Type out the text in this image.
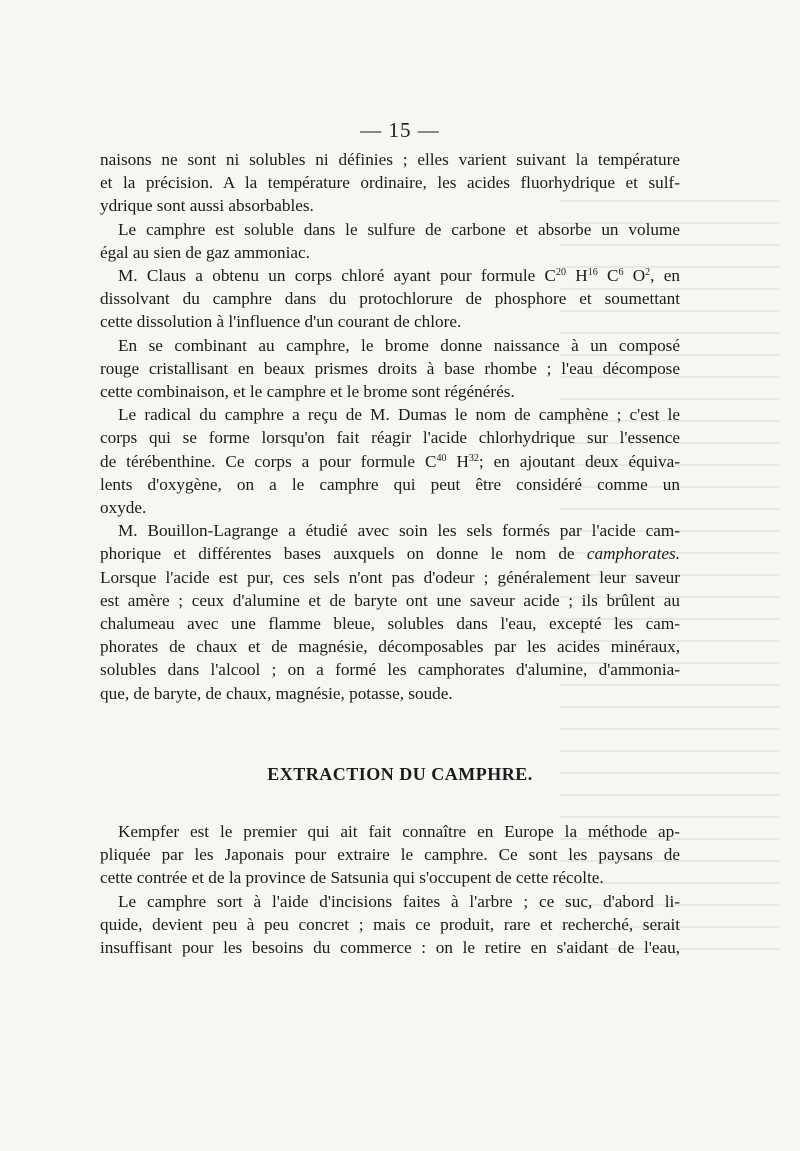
— 15 —
naisons ne sont ni solubles ni définies ; elles varient suivant la température
et la précision. A la température ordinaire, les acides fluorhydrique et sulf-
ydrique sont aussi absorbables.
Le camphre est soluble dans le sulfure de carbone et absorbe un volume
égal au sien de gaz ammoniac.
M. Claus a obtenu un corps chloré ayant pour formule $C^{20}$ $H^{16}$ $C^6$ $O^2$, en
dissolvant du camphre dans du protochlorure de phosphore et soumettant
cette dissolution à l'influence d'un courant de chlore.
En se combinant au camphre, le brome donne naissance à un composé
rouge cristallisant en beaux prismes droits à base rhombe ; l'eau décompose
cette combinaison, et le camphre et le brome sont régénérés.
Le radical du camphre a reçu de M. Dumas le nom de camphène ; c'est le
corps qui se forme lorsqu'on fait réagir l'acide chlorhydrique sur l'essence
de térébenthine. Ce corps a pour formule $C^{40}$ $H^{32}$; en ajoutant deux équiva-
lents d'oxygène, on a le camphre qui peut être considéré comme un
oxyde.
M. Bouillon-Lagrange a étudié avec soin les sels formés par l'acide cam-
phorique et différentes bases auxquels on donne le nom de camphorates.
Lorsque l'acide est pur, ces sels n'ont pas d'odeur ; généralement leur saveur
est amère ; ceux d'alumine et de baryte ont une saveur acide ; ils brûlent au
chalumeau avec une flamme bleue, solubles dans l'eau, excepté les cam-
phorates de chaux et de magnésie, décomposables par les acides minéraux,
solubles dans l'alcool ; on a formé les camphorates d'alumine, d'ammonia-
que, de baryte, de chaux, magnésie, potasse, soude.
EXTRACTION DU CAMPHRE.
Kempfer est le premier qui ait fait connaître en Europe la méthode ap-
pliquée par les Japonais pour extraire le camphre. Ce sont les paysans de
cette contrée et de la province de Satsunia qui s'occupent de cette récolte.
Le camphre sort à l'aide d'incisions faites à l'arbre ; ce suc, d'abord li-
quide, devient peu à peu concret ; mais ce produit, rare et recherché, serait
insuffisant pour les besoins du commerce : on le retire en s'aidant de l'eau,
